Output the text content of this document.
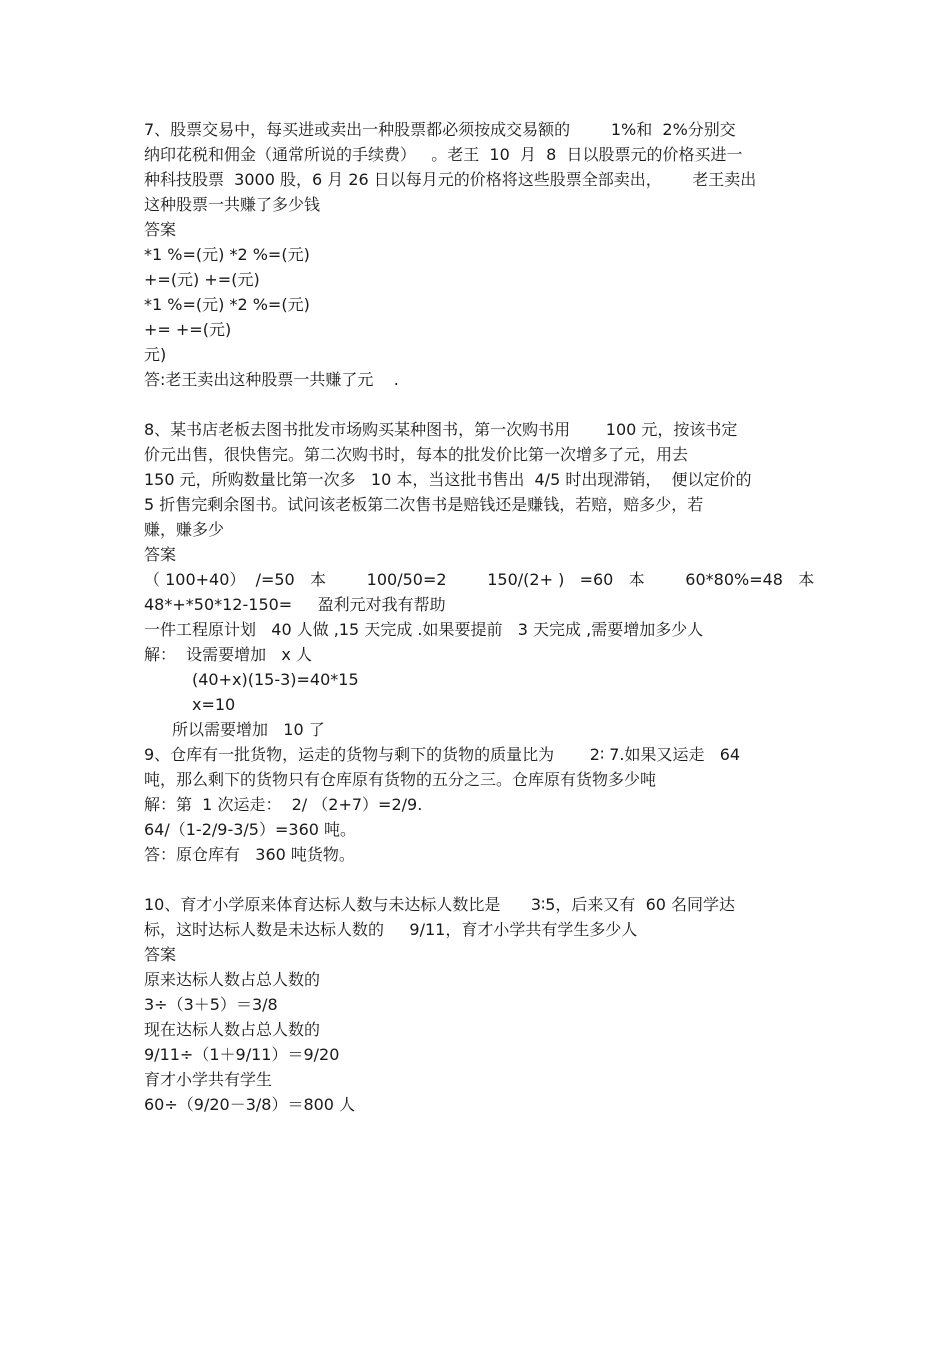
7、股票交易中，每买进或卖出一种股票都必须按成交易额的        1%和  2%分别交
纳印花税和佣金（通常所说的手续费）   。老王  10  月  8  日以股票元的价格买进一
种科技股票  3000 股，6 月 26 日以每月元的价格将这些股票全部卖出，      老王卖出
这种股票一共赚了多少钱
答案
*1 %=(元) *2 %=(元)
+=(元) +=(元)
*1 %=(元) *2 %=(元)
+= +=(元)
元)
答:老王卖出这种股票一共赚了元    .
8、某书店老板去图书批发市场购买某种图书，第一次购书用       100 元，按该书定
价元出售，很快售完。第二次购书时，每本的批发价比第一次增多了元，用去
150 元，所购数量比第一次多   10 本，当这批书售出  4/5 时出现滞销，  便以定价的
5 折售完剩余图书。试问该老板第二次售书是赔钱还是赚钱，若赔，赔多少，若
赚，赚多少
答案
（ 100+40）  /=50   本        100/50=2        150/(2+ )   =60   本        60*80%=48   本
48*+*50*12-150=     盈利元对我有帮助
一件工程原计划   40 人做 ,15 天完成 .如果要提前   3 天完成 ,需要增加多少人
解：  设需要增加   x 人
(40+x)(15-3)=40*15
x=10
所以需要增加   10 了
9、仓库有一批货物，运走的货物与剩下的货物的质量比为       2∶ 7.如果又运走   64
吨，那么剩下的货物只有仓库原有货物的五分之三。仓库原有货物多少吨
解：第  1 次运走：  2/ （2+7）=2/9.
64/（1-2/9-3/5）=360 吨。
答：原仓库有   360 吨货物。
10、育才小学原来体育达标人数与未达标人数比是      3∶5，后来又有  60 名同学达
标，这时达标人数是未达标人数的     9/11，育才小学共有学生多少人
答案
原来达标人数占总人数的
3÷（3＋5）＝3/8
现在达标人数占总人数的
9/11÷（1＋9/11）＝9/20
育才小学共有学生
60÷（9/20－3/8）＝800 人
